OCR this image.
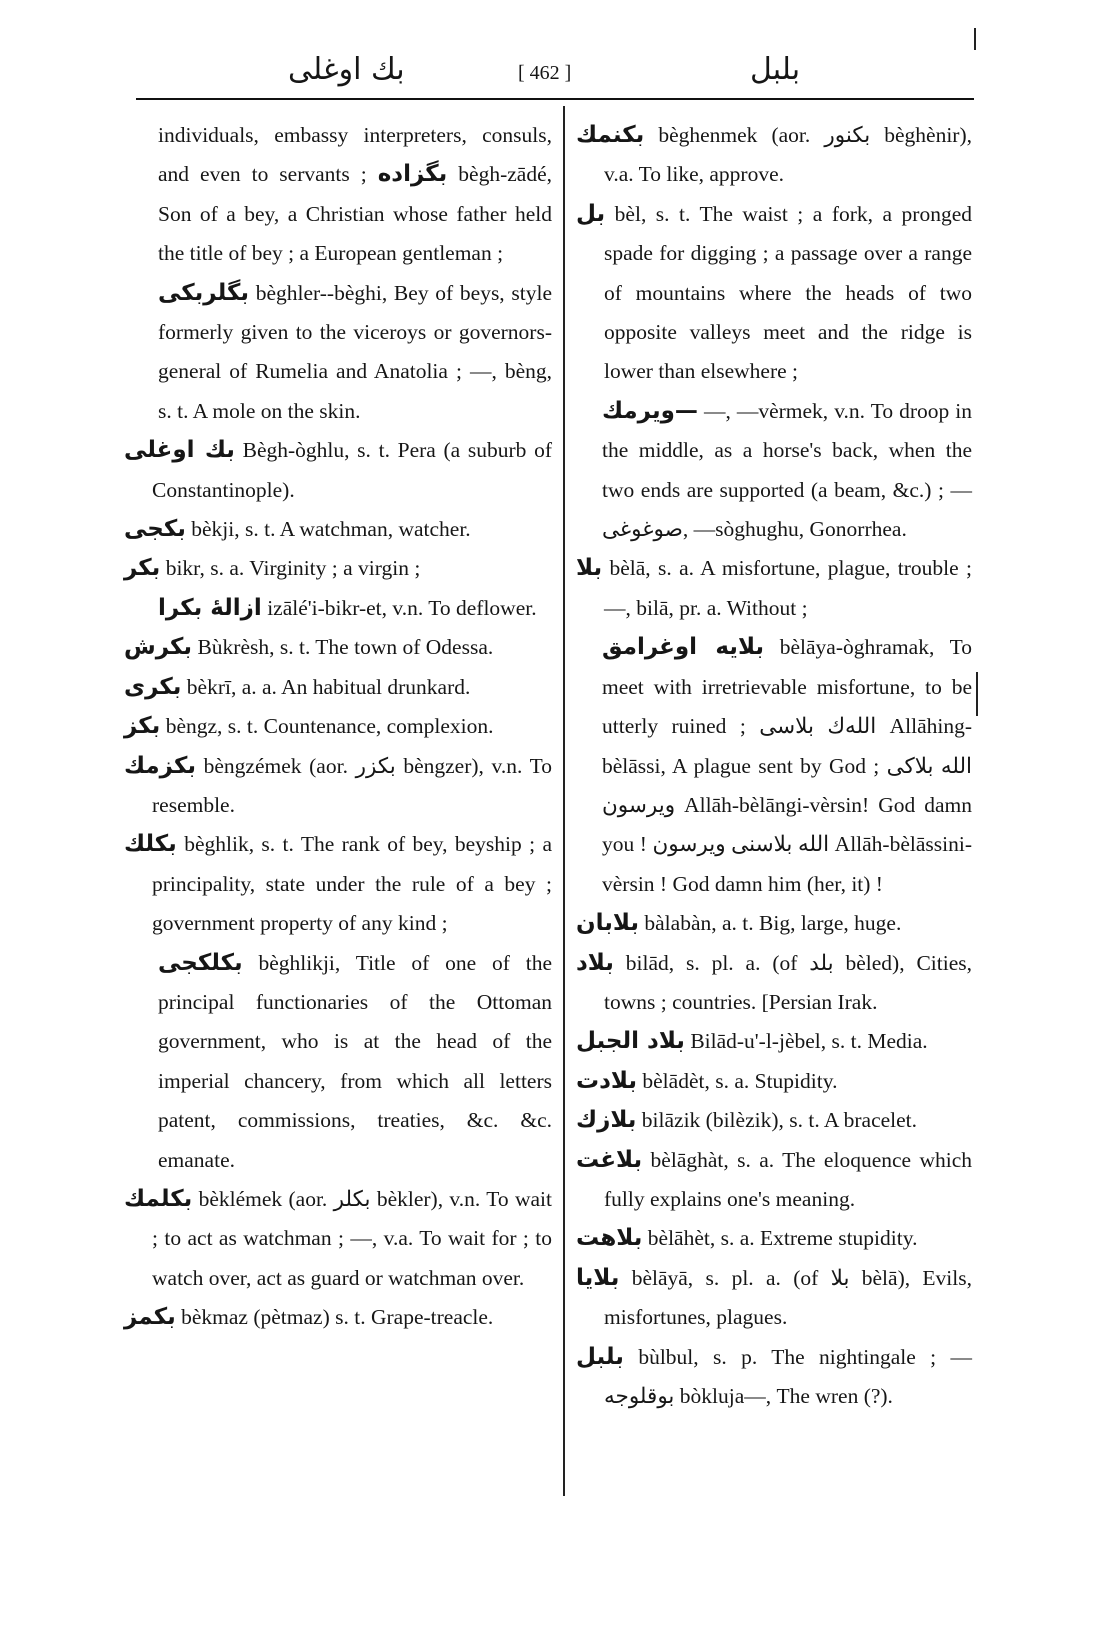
بك اوغلی	[ 462 ]	بلبل
individuals, embassy interpreters, consuls, and even to servants ; بگزاده bègh-zādé, Son of a bey, a Christian whose father held the title of bey ; a European gentleman ;
بگلربکی bèghler--bèghi, Bey of beys, style formerly given to the viceroys or governors-general of Rumelia and Anatolia ; —, bèng, s. t. A mole on the skin.
بك اوغلی Bègh-òghlu, s. t. Pera (a suburb of Constantinople).
بکجی bèkji, s. t. A watchman, watcher.
بکر bikr, s. a. Virginity ; a virgin ;
ازالهٔ بکرا izālé'i-bikr-et, v.n. To deflower.
بکرش Bùkrèsh, s. t. The town of Odessa.
بکری bèkrī, a. a. An habitual drunkard.
بکز bèngz, s. t. Countenance, complexion.
بکزمك bèngzémek (aor. بکزر bèngzer), v.n. To resemble.
بکلك bèghlik, s. t. The rank of bey, beyship ; a principality, state under the rule of a bey ; government property of any kind ;
بکلکجی bèghlikji, Title of one of the principal functionaries of the Ottoman government, who is at the head of the imperial chancery, from which all letters patent, commissions, treaties, &c. &c. emanate.
بکلمك bèklémek (aor. بکلر bèkler), v.n. To wait ; to act as watchman ; —, v.a. To wait for ; to watch over, act as guard or watchman over.
بکمز bèkmaz (pètmaz) s. t. Grape-treacle.
بکنمك bèghenmek (aor. بکنور bèghènir), v.a. To like, approve.
بل bèl, s. t. The waist ; a fork, a pronged spade for digging ; a passage over a range of mountains where the heads of two opposite valleys meet and the ridge is lower than elsewhere ;
—ویرمك —, —vèrmek, v.n. To droop in the middle, as a horse's back, when the two ends are supported (a beam, &c.) ; —صوغوغی, —sòghughu, Gonorrhea.
بلا bèlā, s. a. A misfortune, plague, trouble ; —, bilā, pr. a. Without ;
بلایه اوغرامق bèlāya-òghramak, To meet with irretrievable misfortune, to be utterly ruined ; الله‌ك بلاسی Allāhing-bèlāssi, A plague sent by God ; الله بلاکی ویرسون Allāh-bèlāngi-vèrsin! God damn you ! الله بلاسنی ویرسون Allāh-bèlāssini-vèrsin ! God damn him (her, it) !
بلابان bàlabàn, a. t. Big, large, huge.
بلاد bilād, s. pl. a. (of بلد bèled), Cities, towns ; countries. [Persian Irak.
بلاد الجبل Bilād-u'-l-jèbel, s. t. Media.
بلادت bèlādèt, s. a. Stupidity.
بلازك bilāzik (bilèzik), s. t. A bracelet.
بلاغت bèlāghàt, s. a. The eloquence which fully explains one's meaning.
بلاهت bèlāhèt, s. a. Extreme stupidity.
بلایا bèlāyā, s. pl. a. (of بلا bèlā), Evils, misfortunes, plagues.
بلبل bùlbul, s. p. The nightingale ; —بوقلوجه bòklujа—, The wren (?).
